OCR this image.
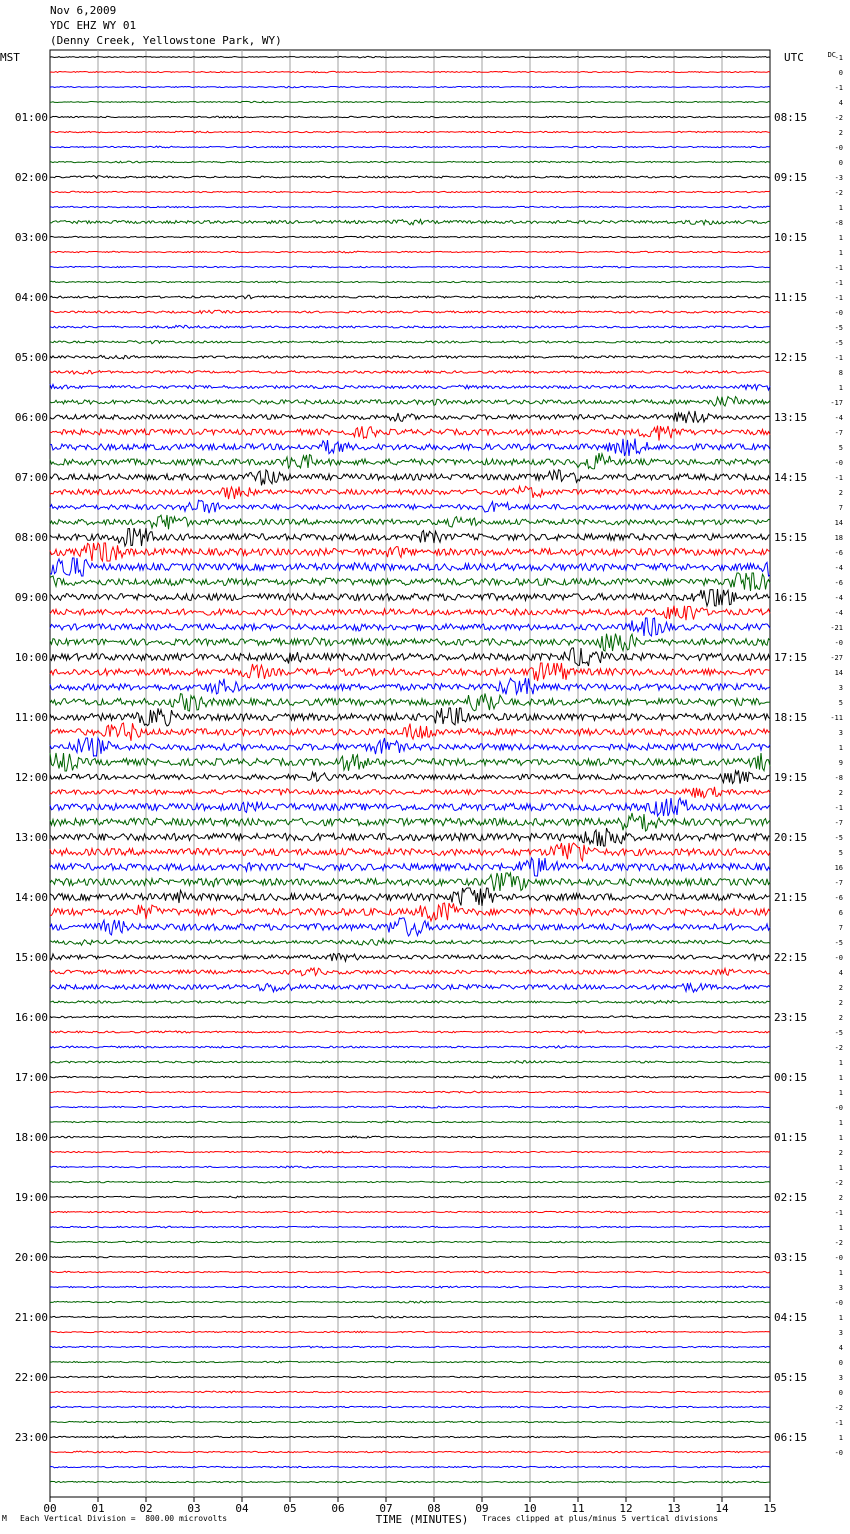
Nov 6,2009
YDC EHZ WY 01
(Denny Creek, Yellowstone Park, WY)
-1
0
-1
4
-2
2
-0
0
-3
-2
1
-8
1
1
-1
-1
-1
-0
-5
-5
-1
8
1
-17
-4
-7
5
-0
-1
2
7
14
18
-6
-4
-6
-4
-4
-21
-0
-27
14
3
5
-11
3
1
9
-8
2
-1
-7
-5
5
16
-7
-6
6
7
-5
-0
4
2
2
2
-5
-2
1
1
1
-0
1
1
2
1
-2
2
-1
1
-2
-0
1
3
-0
1
3
4
0
3
0
-2
-1
1
-0
MST	UTC	DC
01:00
02:00
03:00
04:00
05:00
06:00
07:00
08:00
09:00
10:00
11:00
12:00
13:00
14:00
15:00
16:00
17:00
18:00
19:00
20:00
21:00
22:00
23:00
08:15
09:15
10:15
11:15
12:15
13:15
14:15
15:15
16:15
17:15
18:15
19:15
20:15
21:15
22:15
23:15
00:15
01:15
02:15
03:15
04:15
05:15
06:15
00	01	02	03	04	05	06	07	08	09	10	11	12	13	14	15
TIME (MINUTES)
M Each Vertical Division =  800.00 microvolts	Traces clipped at plus/minus 5 vertical divisions
